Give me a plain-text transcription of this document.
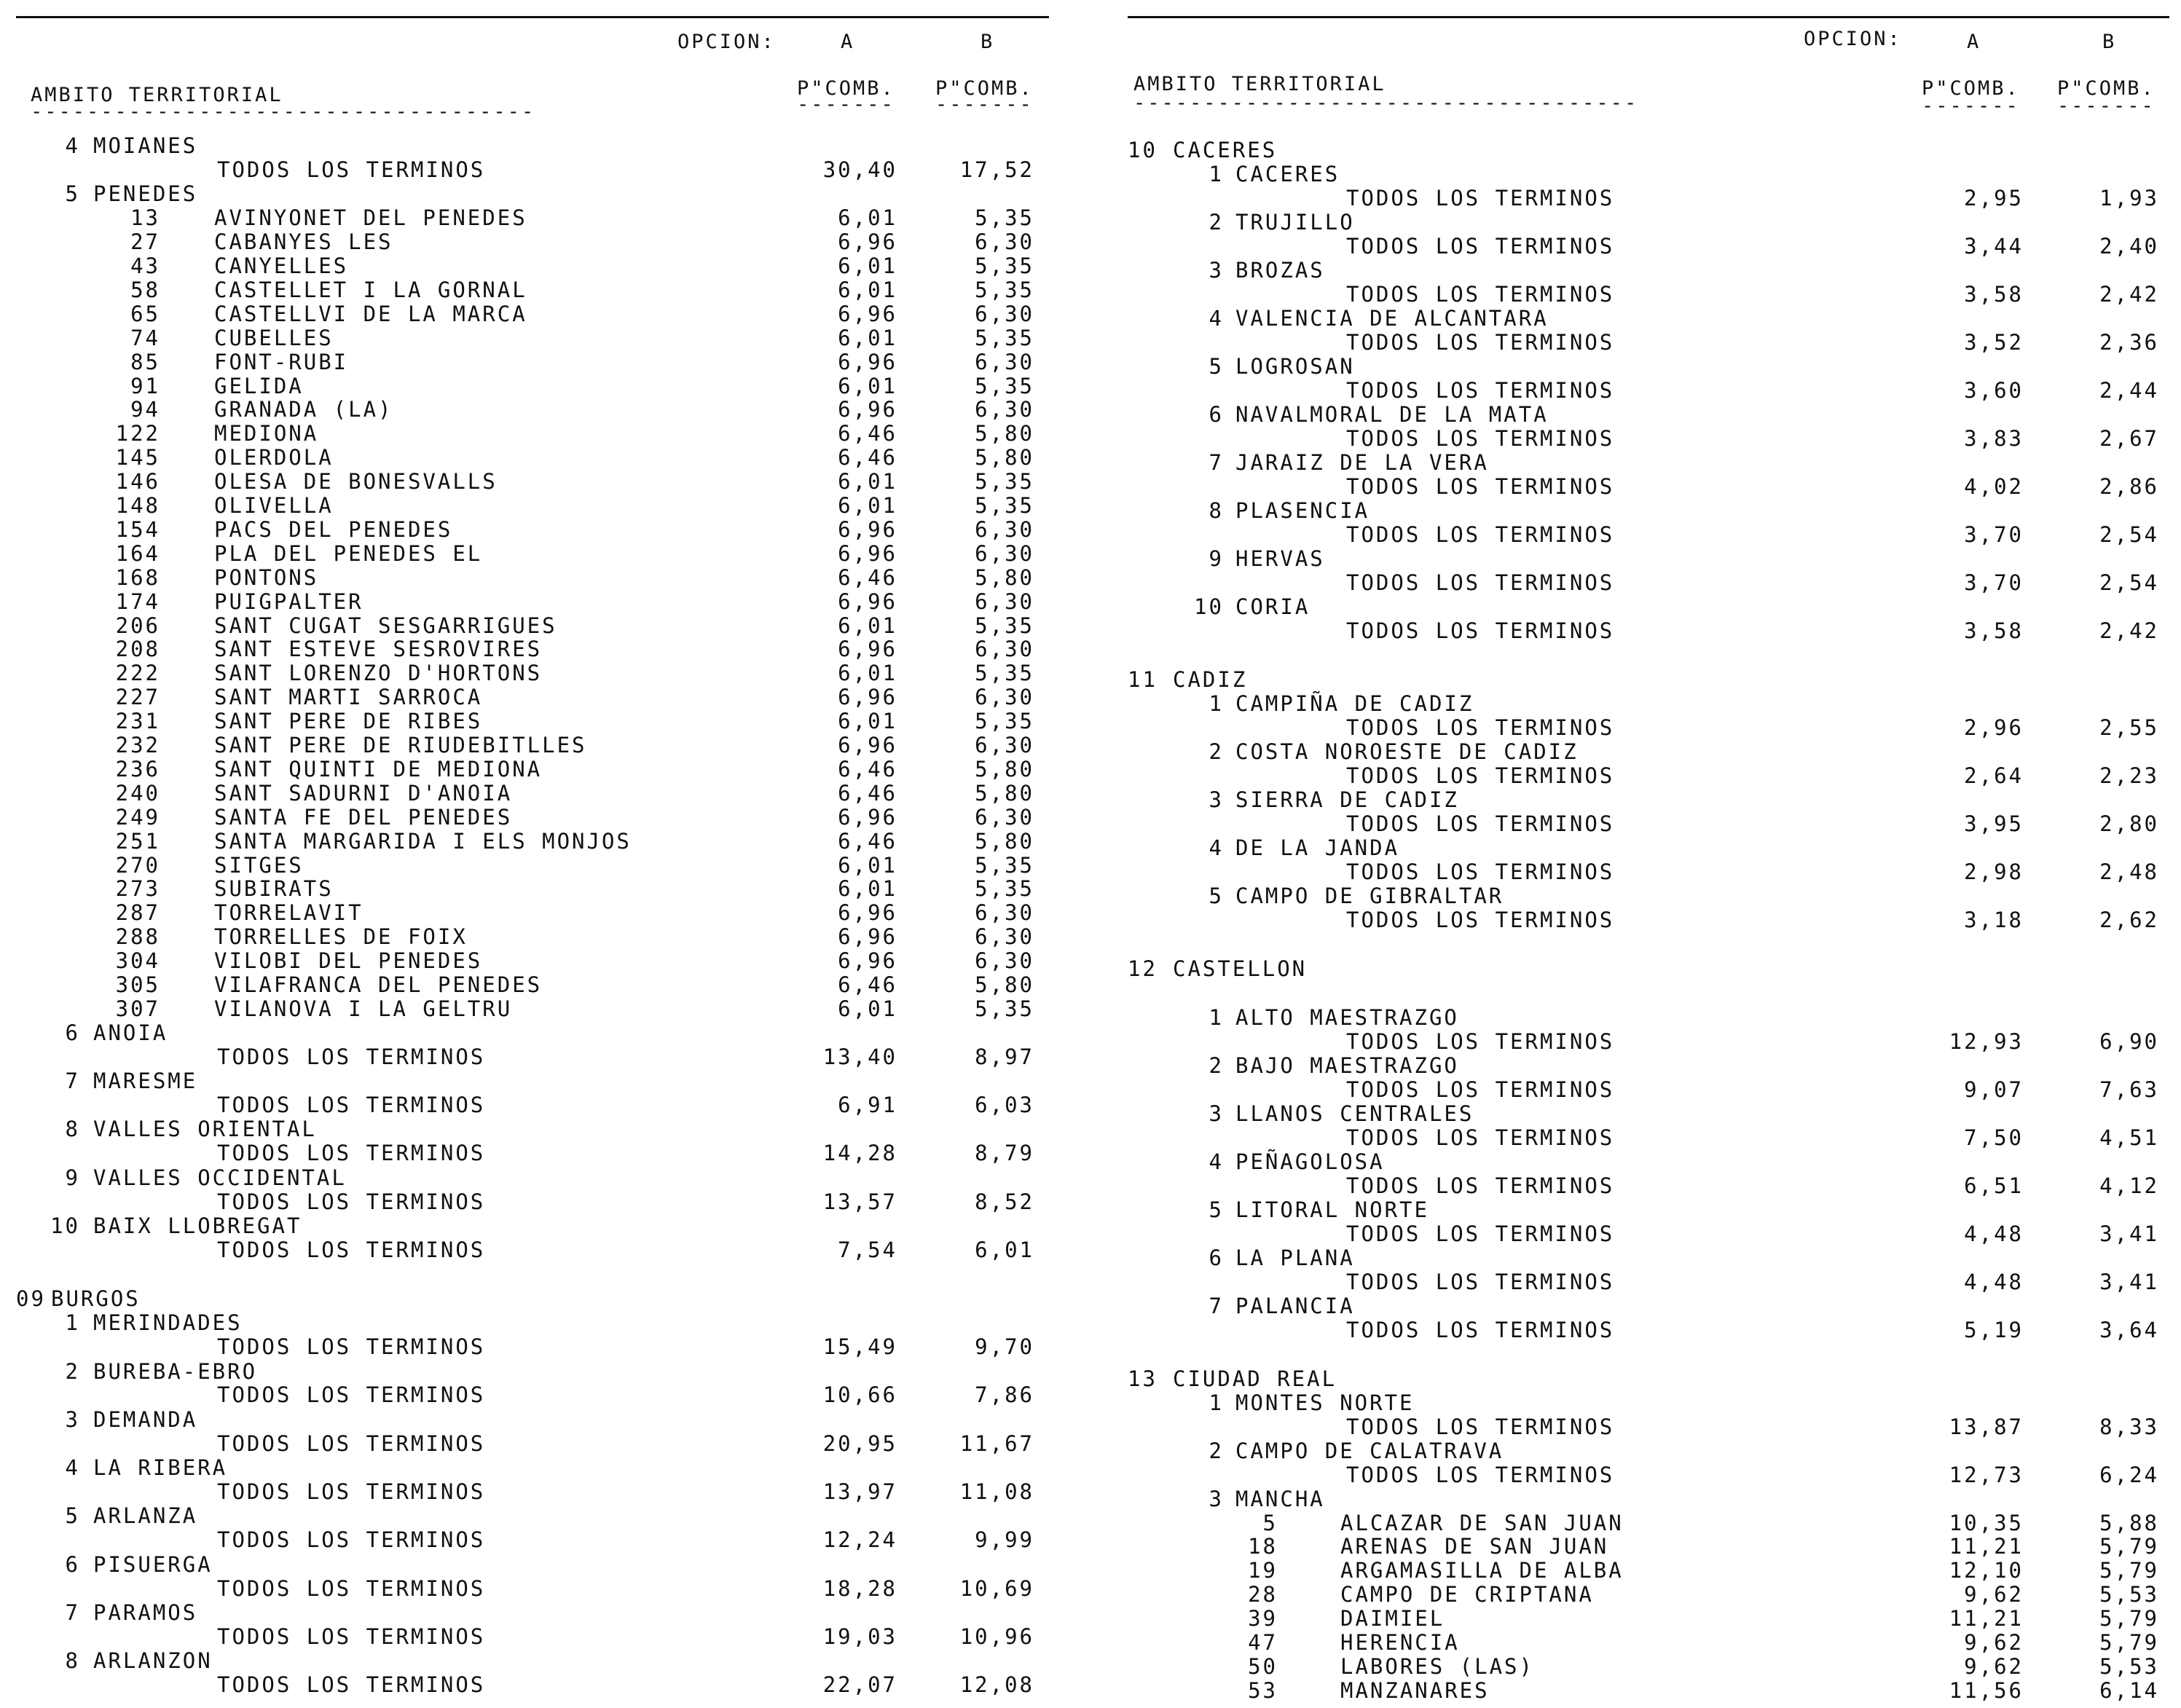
OPCION:	A	B
AMBITO TERRITORIAL	P"COMB. P"COMB.
------------------------------------	-------	-------
4 MOIANES
TODOS LOS TERMINOS	30,40	17,52
5 PENEDES
13	AVINYONET DEL PENEDES	6,01	5,35
27	CABANYES LES	6,96	6,30
43	CANYELLES	6,01	5,35
58	CASTELLET I LA GORNAL	6,01	5,35
65	CASTELLVI DE LA MARCA	6,96	6,30
74	CUBELLES	6,01	5,35
85	FONT-RUBI	6,96	6,30
91	GELIDA	6,01	5,35
94	GRANADA (LA)	6,96	6,30
122	MEDIONA	6,46	5,80
145	OLERDOLA	6,46	5,80
146	OLESA DE BONESVALLS	6,01	5,35
148	OLIVELLA	6,01	5,35
154	PACS DEL PENEDES	6,96	6,30
164	PLA DEL PENEDES EL	6,96	6,30
168	PONTONS	6,46	5,80
174	PUIGPALTER	6,96	6,30
206	SANT CUGAT SESGARRIGUES	6,01	5,35
208	SANT ESTEVE SESROVIRES	6,96	6,30
222	SANT LORENZO D'HORTONS	6,01	5,35
227	SANT MARTI SARROCA	6,96	6,30
231	SANT PERE DE RIBES	6,01	5,35
232	SANT PERE DE RIUDEBITLLES	6,96	6,30
236	SANT QUINTI DE MEDIONA	6,46	5,80
240	SANT SADURNI D'ANOIA	6,46	5,80
249	SANTA FE DEL PENEDES	6,96	6,30
251	SANTA MARGARIDA I ELS MONJOS	6,46	5,80
270	SITGES	6,01	5,35
273	SUBIRATS	6,01	5,35
287	TORRELAVIT	6,96	6,30
288	TORRELLES DE FOIX	6,96	6,30
304	VILOBI DEL PENEDES	6,96	6,30
305	VILAFRANCA DEL PENEDES	6,46	5,80
307	VILANOVA I LA GELTRU	6,01	5,35
6 ANOIA
TODOS LOS TERMINOS	13,40	8,97
7 MARESME
TODOS LOS TERMINOS	6,91	6,03
8 VALLES ORIENTAL
TODOS LOS TERMINOS	14,28	8,79
9 VALLES OCCIDENTAL
TODOS LOS TERMINOS	13,57	8,52
10 BAIX LLOBREGAT
TODOS LOS TERMINOS	7,54	6,01
09 BURGOS
1 MERINDADES
TODOS LOS TERMINOS	15,49	9,70
2 BUREBA-EBRO
TODOS LOS TERMINOS	10,66	7,86
3 DEMANDA
TODOS LOS TERMINOS	20,95	11,67
4 LA RIBERA
TODOS LOS TERMINOS	13,97	11,08
5 ARLANZA
TODOS LOS TERMINOS	12,24	9,99
6 PISUERGA
TODOS LOS TERMINOS	18,28	10,69
7 PARAMOS
TODOS LOS TERMINOS	19,03	10,96
8 ARLANZON
TODOS LOS TERMINOS	22,07	12,08
OPCION:	A	B
AMBITO TERRITORIAL	P"COMB. P"COMB.
------------------------------------	-------	-------
10 CACERES
1 CACERES
TODOS LOS TERMINOS	2,95	1,93
2 TRUJILLO
TODOS LOS TERMINOS	3,44	2,40
3 BROZAS
TODOS LOS TERMINOS	3,58	2,42
4 VALENCIA DE ALCANTARA
TODOS LOS TERMINOS	3,52	2,36
5 LOGROSAN
TODOS LOS TERMINOS	3,60	2,44
6 NAVALMORAL DE LA MATA
TODOS LOS TERMINOS	3,83	2,67
7 JARAIZ DE LA VERA
TODOS LOS TERMINOS	4,02	2,86
8 PLASENCIA
TODOS LOS TERMINOS	3,70	2,54
9 HERVAS
TODOS LOS TERMINOS	3,70	2,54
10 CORIA
TODOS LOS TERMINOS	3,58	2,42
11 CADIZ
1 CAMPIÑA DE CADIZ
TODOS LOS TERMINOS	2,96	2,55
2 COSTA NOROESTE DE CADIZ
TODOS LOS TERMINOS	2,64	2,23
3 SIERRA DE CADIZ
TODOS LOS TERMINOS	3,95	2,80
4 DE LA JANDA
TODOS LOS TERMINOS	2,98	2,48
5 CAMPO DE GIBRALTAR
TODOS LOS TERMINOS	3,18	2,62
12 CASTELLON
1 ALTO MAESTRAZGO
TODOS LOS TERMINOS	12,93	6,90
2 BAJO MAESTRAZGO
TODOS LOS TERMINOS	9,07	7,63
3 LLANOS CENTRALES
TODOS LOS TERMINOS	7,50	4,51
4 PEÑAGOLOSA
TODOS LOS TERMINOS	6,51	4,12
5 LITORAL NORTE
TODOS LOS TERMINOS	4,48	3,41
6 LA PLANA
TODOS LOS TERMINOS	4,48	3,41
7 PALANCIA
TODOS LOS TERMINOS	5,19	3,64
13 CIUDAD REAL
1 MONTES NORTE
TODOS LOS TERMINOS	13,87	8,33
2 CAMPO DE CALATRAVA
TODOS LOS TERMINOS	12,73	6,24
3 MANCHA
5	ALCAZAR DE SAN JUAN	10,35	5,88
18	ARENAS DE SAN JUAN	11,21	5,79
19	ARGAMASILLA DE ALBA	12,10	5,79
28	CAMPO DE CRIPTANA	9,62	5,53
39	DAIMIEL	11,21	5,79
47	HERENCIA	9,62	5,79
50	LABORES (LAS)	9,62	5,53
53	MANZANARES	11,56	6,14
